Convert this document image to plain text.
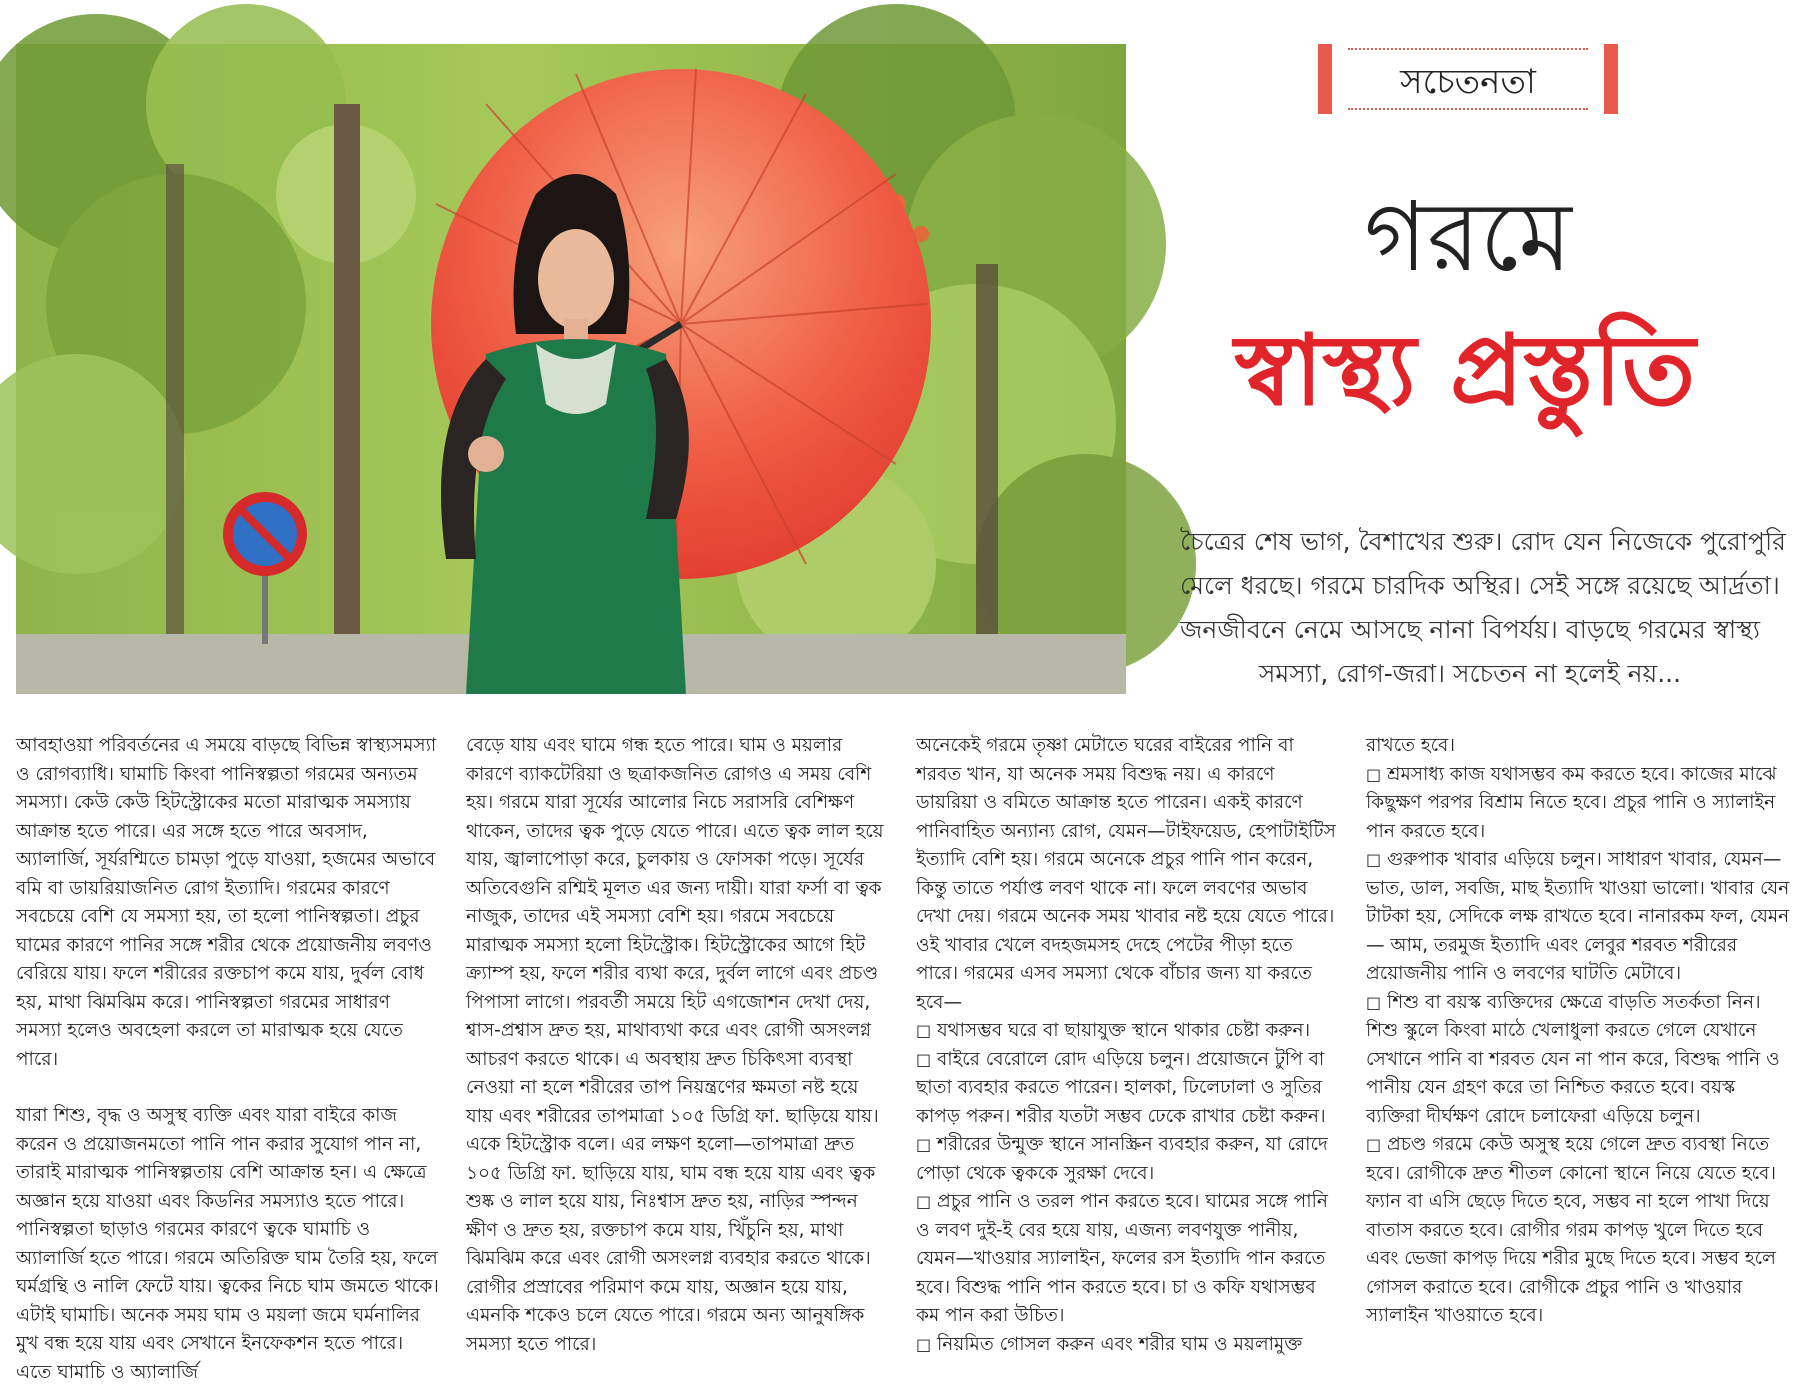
সচেতনতা
গরমে
স্বাস্থ্য প্রস্তুতি
চৈত্রের শেষ ভাগ, বৈশাখের শুরু। রোদ যেন নিজেকে পুরোপুরি
মেলে ধরছে। গরমে চারদিক অস্থির। সেই সঙ্গে রয়েছে আর্দ্রতা।
জনজীবনে নেমে আসছে নানা বিপর্যয়। বাড়ছে গরমের স্বাস্থ্য
সমস্যা, রোগ-জরা। সচেতন না হলেই নয়...

আবহাওয়া পরিবর্তনের এ সময়ে বাড়ছে বিভিন্ন স্বাস্থ্যসমস্যা ও রোগব্যাধি। ঘামাচি কিংবা পানিস্বল্পতা গরমের অন্যতম সমস্যা। কেউ কেউ হিটস্ট্রোকের মতো মারাত্মক সমস্যায় আক্রান্ত হতে পারে। এর সঙ্গে হতে পারে অবসাদ, অ্যালার্জি, সূর্যরশ্মিতে চামড়া পুড়ে যাওয়া, হজমের অভাবে বমি বা ডায়রিয়াজনিত রোগ ইত্যাদি। গরমের কারণে সবচেয়ে বেশি যে সমস্যা হয়, তা হলো পানিস্বল্পতা। প্রচুর ঘামের কারণে পানির সঙ্গে শরীর থেকে প্রয়োজনীয় লবণও বেরিয়ে যায়। ফলে শরীরের রক্তচাপ কমে যায়, দুর্বল বোধ হয়, মাথা ঝিমঝিম করে। পানিস্বল্পতা গরমের সাধারণ সমস্যা হলেও অবহেলা করলে তা মারাত্মক হয়ে যেতে পারে।

যারা শিশু, বৃদ্ধ ও অসুস্থ ব্যক্তি এবং যারা বাইরে কাজ করেন ও প্রয়োজনমতো পানি পান করার সুযোগ পান না, তারাই মারাত্মক পানিস্বল্পতায় বেশি আক্রান্ত হন। এ ক্ষেত্রে অজ্ঞান হয়ে যাওয়া এবং কিডনির সমস্যাও হতে পারে। পানিস্বল্পতা ছাড়াও গরমের কারণে ত্বকে ঘামাচি ও অ্যালার্জি হতে পারে। গরমে অতিরিক্ত ঘাম তৈরি হয়, ফলে ঘর্মগ্রন্থি ও নালি ফেটে যায়। ত্বকের নিচে ঘাম জমতে থাকে। এটাই ঘামাচি। অনেক সময় ঘাম ও ময়লা জমে ঘর্মনালির মুখ বন্ধ হয়ে যায় এবং সেখানে ইনফেকশন হতে পারে। এতে ঘামাচি ও অ্যালার্জি

বেড়ে যায় এবং ঘামে গন্ধ হতে পারে। ঘাম ও ময়লার কারণে ব্যাকটেরিয়া ও ছত্রাকজনিত রোগও এ সময় বেশি হয়। গরমে যারা সূর্যের আলোর নিচে সরাসরি বেশিক্ষণ থাকেন, তাদের ত্বক পুড়ে যেতে পারে। এতে ত্বক লাল হয়ে যায়, জ্বালাপোড়া করে, চুলকায় ও ফোসকা পড়ে। সূর্যের অতিবেগুনি রশ্মিই মূলত এর জন্য দায়ী। যারা ফর্সা বা ত্বক নাজুক, তাদের এই সমস্যা বেশি হয়। গরমে সবচেয়ে মারাত্মক সমস্যা হলো হিটস্ট্রোক। হিটস্ট্রোকের আগে হিট ক্র্যাম্প হয়, ফলে শরীর ব্যথা করে, দুর্বল লাগে এবং প্রচণ্ড পিপাসা লাগে। পরবর্তী সময়ে হিট এগজোশন দেখা দেয়, শ্বাস-প্রশ্বাস দ্রুত হয়, মাথাব্যথা করে এবং রোগী অসংলগ্ন আচরণ করতে থাকে। এ অবস্থায় দ্রুত চিকিৎসা ব্যবস্থা নেওয়া না হলে শরীরের তাপ নিয়ন্ত্রণের ক্ষমতা নষ্ট হয়ে যায় এবং শরীরের তাপমাত্রা ১০৫ ডিগ্রি ফা. ছাড়িয়ে যায়। একে হিটস্ট্রোক বলে। এর লক্ষণ হলো—তাপমাত্রা দ্রুত ১০৫ ডিগ্রি ফা. ছাড়িয়ে যায়, ঘাম বন্ধ হয়ে যায় এবং ত্বক শুষ্ক ও লাল হয়ে যায়, নিঃশ্বাস দ্রুত হয়, নাড়ির স্পন্দন ক্ষীণ ও দ্রুত হয়, রক্তচাপ কমে যায়, খিঁচুনি হয়, মাথা ঝিমঝিম করে এবং রোগী অসংলগ্ন ব্যবহার করতে থাকে। রোগীর প্রস্রাবের পরিমাণ কমে যায়, অজ্ঞান হয়ে যায়, এমনকি শকেও চলে যেতে পারে। গরমে অন্য আনুষঙ্গিক সমস্যা হতে পারে।

অনেকেই গরমে তৃষ্ণা মেটাতে ঘরের বাইরের পানি বা শরবত খান, যা অনেক সময় বিশুদ্ধ নয়। এ কারণে ডায়রিয়া ও বমিতে আক্রান্ত হতে পারেন। একই কারণে পানিবাহিত অন্যান্য রোগ, যেমন—টাইফয়েড, হেপাটাইটিস ইত্যাদি বেশি হয়। গরমে অনেকে প্রচুর পানি পান করেন, কিন্তু তাতে পর্যাপ্ত লবণ থাকে না। ফলে লবণের অভাব দেখা দেয়। গরমে অনেক সময় খাবার নষ্ট হয়ে যেতে পারে। ওই খাবার খেলে বদহজমসহ দেহে পেটের পীড়া হতে পারে। গরমের এসব সমস্যা থেকে বাঁচার জন্য যা করতে হবে—

□ যথাসম্ভব ঘরে বা ছায়াযুক্ত স্থানে থাকার চেষ্টা করুন।

□ বাইরে বেরোলে রোদ এড়িয়ে চলুন। প্রয়োজনে টুপি বা ছাতা ব্যবহার করতে পারেন। হালকা, ঢিলেঢালা ও সুতির কাপড় পরুন। শরীর যতটা সম্ভব ঢেকে রাখার চেষ্টা করুন।

□ শরীরের উন্মুক্ত স্থানে সানস্ক্রিন ব্যবহার করুন, যা রোদে পোড়া থেকে ত্বককে সুরক্ষা দেবে।

□ প্রচুর পানি ও তরল পান করতে হবে। ঘামের সঙ্গে পানি ও লবণ দুই-ই বের হয়ে যায়, এজন্য লবণযুক্ত পানীয়, যেমন—খাওয়ার স্যালাইন, ফলের রস ইত্যাদি পান করতে হবে। বিশুদ্ধ পানি পান করতে হবে। চা ও কফি যথাসম্ভব কম পান করা উচিত।

□ নিয়মিত গোসল করুন এবং শরীর ঘাম ও ময়লামুক্ত

রাখতে হবে।

□ শ্রমসাধ্য কাজ যথাসম্ভব কম করতে হবে। কাজের মাঝে কিছুক্ষণ পরপর বিশ্রাম নিতে হবে। প্রচুর পানি ও স্যালাইন পান করতে হবে।

□ গুরুপাক খাবার এড়িয়ে চলুন। সাধারণ খাবার, যেমন—ভাত, ডাল, সবজি, মাছ ইত্যাদি খাওয়া ভালো। খাবার যেন টাটকা হয়, সেদিকে লক্ষ রাখতে হবে। নানারকম ফল, যেমন— আম, তরমুজ ইত্যাদি এবং লেবুর শরবত শরীরের প্রয়োজনীয় পানি ও লবণের ঘাটতি মেটাবে।

□ শিশু বা বয়স্ক ব্যক্তিদের ক্ষেত্রে বাড়তি সতর্কতা নিন। শিশু স্কুলে কিংবা মাঠে খেলাধুলা করতে গেলে যেখানে সেখানে পানি বা শরবত যেন না পান করে, বিশুদ্ধ পানি ও পানীয় যেন গ্রহণ করে তা নিশ্চিত করতে হবে। বয়স্ক ব্যক্তিরা দীর্ঘক্ষণ রোদে চলাফেরা এড়িয়ে চলুন।

□ প্রচণ্ড গরমে কেউ অসুস্থ হয়ে গেলে দ্রুত ব্যবস্থা নিতে হবে। রোগীকে দ্রুত শীতল কোনো স্থানে নিয়ে যেতে হবে। ফ্যান বা এসি ছেড়ে দিতে হবে, সম্ভব না হলে পাখা দিয়ে বাতাস করতে হবে। রোগীর গরম কাপড় খুলে দিতে হবে এবং ভেজা কাপড় দিয়ে শরীর মুছে দিতে হবে। সম্ভব হলে গোসল করাতে হবে। রোগীকে প্রচুর পানি ও খাওয়ার স্যালাইন খাওয়াতে হবে।
